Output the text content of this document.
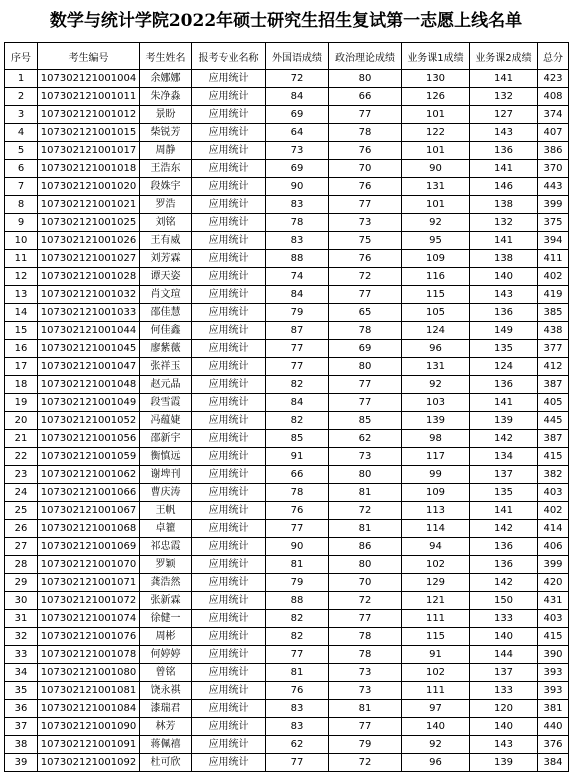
数学与统计学院2022年硕士研究生招生复试第一志愿上线名单
序号	考生编号	考生姓名	报考专业名称	外国语成绩	政治理论成绩	业务课1成绩	业务课2成绩	总分
1	107302121001004	余娜娜	应用统计	72	80	130	141	423
2	107302121001011	朱净淼	应用统计	84	66	126	132	408
3	107302121001012	景盼	应用统计	69	77	101	127	374
4	107302121001015	柴锐芳	应用统计	64	78	122	143	407
5	107302121001017	周静	应用统计	73	76	101	136	386
6	107302121001018	王浩东	应用统计	69	70	90	141	370
7	107302121001020	段姝宇	应用统计	90	76	131	146	443
8	107302121001021	罗浩	应用统计	83	77	101	138	399
9	107302121001025	刘铭	应用统计	78	73	92	132	375
10	107302121001026	王有威	应用统计	83	75	95	141	394
11	107302121001027	刘芳霖	应用统计	88	76	109	138	411
12	107302121001028	谭天姿	应用统计	74	72	116	140	402
13	107302121001032	肖文瑄	应用统计	84	77	115	143	419
14	107302121001033	邵佳慧	应用统计	79	65	105	136	385
15	107302121001044	何佳鑫	应用统计	87	78	124	149	438
16	107302121001045	廖紫薇	应用统计	77	69	96	135	377
17	107302121001047	张祥玉	应用统计	77	80	131	124	412
18	107302121001048	赵元晶	应用统计	82	77	92	136	387
19	107302121001049	段雪霞	应用统计	84	77	103	141	405
20	107302121001052	冯蕴婕	应用统计	82	85	139	139	445
21	107302121001056	邵新宇	应用统计	85	62	98	142	387
22	107302121001059	衡慎远	应用统计	91	73	117	134	415
23	107302121001062	谢埤刊	应用统计	66	80	99	137	382
24	107302121001066	曹庆涛	应用统计	78	81	109	135	403
25	107302121001067	王帆	应用统计	76	72	113	141	402
26	107302121001068	卓籊	应用统计	77	81	114	142	414
27	107302121001069	祁忠霞	应用统计	90	86	94	136	406
28	107302121001070	罗颖	应用统计	81	80	102	136	399
29	107302121001071	龚浩然	应用统计	79	70	129	142	420
30	107302121001072	张新霖	应用统计	88	72	121	150	431
31	107302121001074	徐健一	应用统计	82	77	111	133	403
32	107302121001076	周彬	应用统计	82	78	115	140	415
33	107302121001078	何婷婷	应用统计	77	78	91	144	390
34	107302121001080	曾铭	应用统计	81	73	102	137	393
35	107302121001081	饶永祺	应用统计	76	73	111	133	393
36	107302121001084	漆瑞君	应用统计	83	81	97	120	381
37	107302121001090	林芳	应用统计	83	77	140	140	440
38	107302121001091	蒋佩禧	应用统计	62	79	92	143	376
39	107302121001092	杜可欣	应用统计	77	72	96	139	384
